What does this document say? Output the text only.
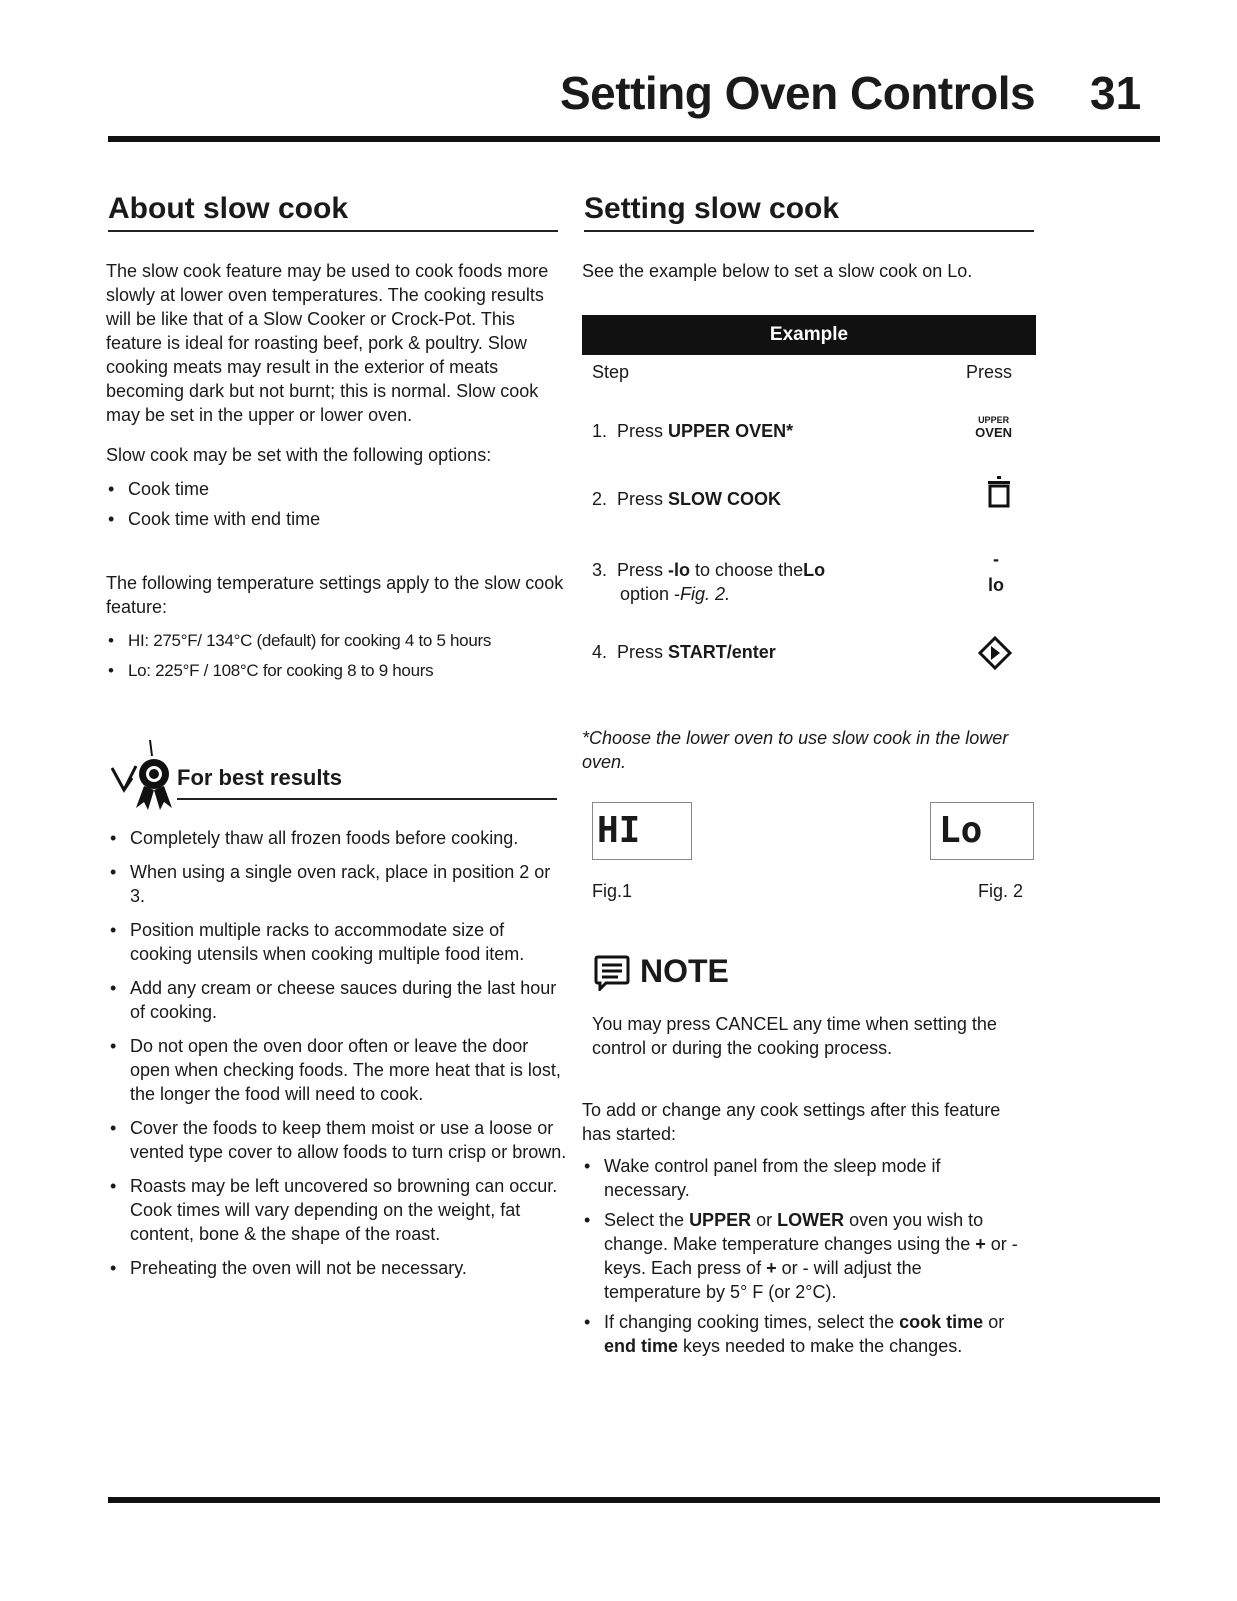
Setting Oven Controls 31
About slow cook

The slow cook feature may be used to cook foods more slowly at lower oven temperatures. The cooking results will be like that of a Slow Cooker or Crock-Pot. This feature is ideal for roasting beef, pork & poultry. Slow cooking meats may result in the exterior of meats becoming dark but not burnt; this is normal. Slow cook may be set in the upper or lower oven.

Slow cook may be set with the following options:

• Cook time
• Cook time with end time

The following temperature settings apply to the slow cook feature:

• HI: 275°F/ 134°C (default) for cooking 4 to 5 hours
• Lo: 225°F / 108°C for cooking 8 to 9 hours
For best results
• Completely thaw all frozen foods before cooking.
• When using a single oven rack, place in position 2 or 3.
• Position multiple racks to accommodate size of cooking utensils when cooking multiple food item.
• Add any cream or cheese sauces during the last hour of cooking.
• Do not open the oven door often or leave the door open when checking foods. The more heat that is lost, the longer the food will need to cook.
• Cover the foods to keep them moist or use a loose or vented type cover to allow foods to turn crisp or brown.
• Roasts may be left uncovered so browning can occur. Cook times will vary depending on the weight, fat content, bone & the shape of the roast.
• Preheating the oven will not be necessary.
Setting slow cook
See the example below to set a slow cook on Lo.
Example
Step	Press
1. Press UPPER OVEN*
UPPER
OVEN
2. Press SLOW COOK
3. Press -lo to choose theLo
option -Fig. 2.
-
lo
4. Press START/enter
*Choose the lower oven to use slow cook in the lower oven.
HI	Lo
Fig.1	Fig. 2
NOTE
You may press CANCEL any time when setting the control or during the cooking process.

To add or change any cook settings after this feature has started:

• Wake control panel from the sleep mode if necessary.
• Select the UPPER or LOWER oven you wish to change. Make temperature changes using the + or - keys. Each press of + or - will adjust the temperature by 5° F (or 2°C).
• If changing cooking times, select the cook time or end time keys needed to make the changes.
